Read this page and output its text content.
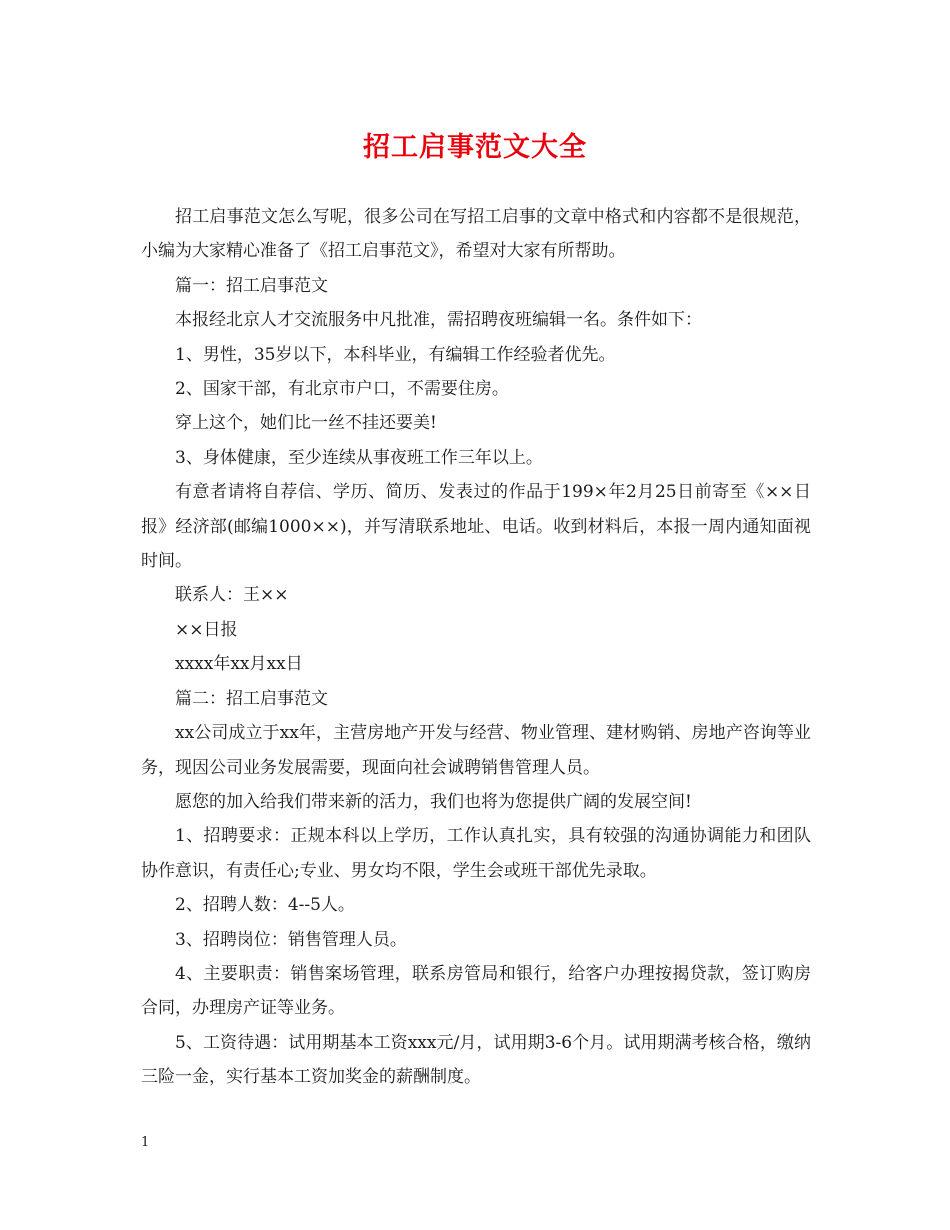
招工启事范文大全

招工启事范文怎么写呢，很多公司在写招工启事的文章中格式和内容都不是很规范，小编为大家精心准备了《招工启事范文》，希望对大家有所帮助。

篇一：招工启事范文

本报经北京人才交流服务中凡批准，需招聘夜班编辑一名。条件如下：

1、男性，35岁以下，本科毕业，有编辑工作经验者优先。

2、国家干部，有北京市户口，不需要住房。

穿上这个，她们比一丝不挂还要美!

3、身体健康，至少连续从事夜班工作三年以上。

有意者请将自荐信、学历、简历、发表过的作品于199×年2月25日前寄至《××日报》经济部(邮编1000××)，并写清联系地址、电话。收到材料后，本报一周内通知面视时间。

联系人：王××

××日报

xxxx年xx月xx日

篇二：招工启事范文

xx公司成立于xx年，主营房地产开发与经营、物业管理、建材购销、房地产咨询等业务，现因公司业务发展需要，现面向社会诚聘销售管理人员。

愿您的加入给我们带来新的活力，我们也将为您提供广阔的发展空间!

1、招聘要求：正规本科以上学历，工作认真扎实，具有较强的沟通协调能力和团队协作意识，有责任心;专业、男女均不限，学生会或班干部优先录取。

2、招聘人数：4--5人。

3、招聘岗位：销售管理人员。

4、主要职责：销售案场管理，联系房管局和银行，给客户办理按揭贷款，签订购房合同，办理房产证等业务。

5、工资待遇：试用期基本工资xxx元/月，试用期3-6个月。试用期满考核合格，缴纳三险一金，实行基本工资加奖金的薪酬制度。

1
